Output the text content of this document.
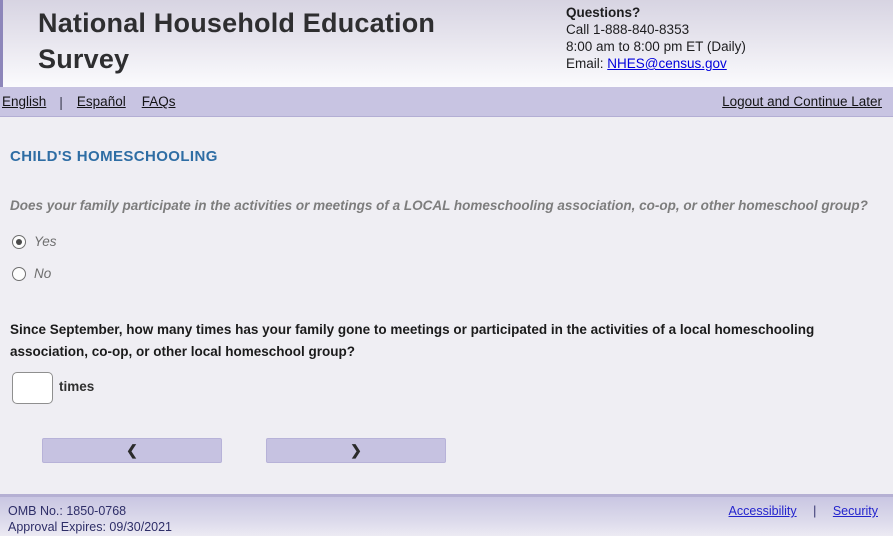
National Household Education Survey
Questions?
Call 1-888-840-8353
8:00 am to 8:00 pm ET (Daily)
Email: NHES@census.gov
English | Español FAQs	Logout and Continue Later
CHILD'S HOMESCHOOLING
Does your family participate in the activities or meetings of a LOCAL homeschooling association, co-op, or other homeschool group?
Yes
No
Since September, how many times has your family gone to meetings or participated in the activities of a local homeschooling association, co-op, or other local homeschool group?
times
❮	❯
OMB No.: 1850-0768
Approval Expires: 09/30/2021
Accessibility | Security
